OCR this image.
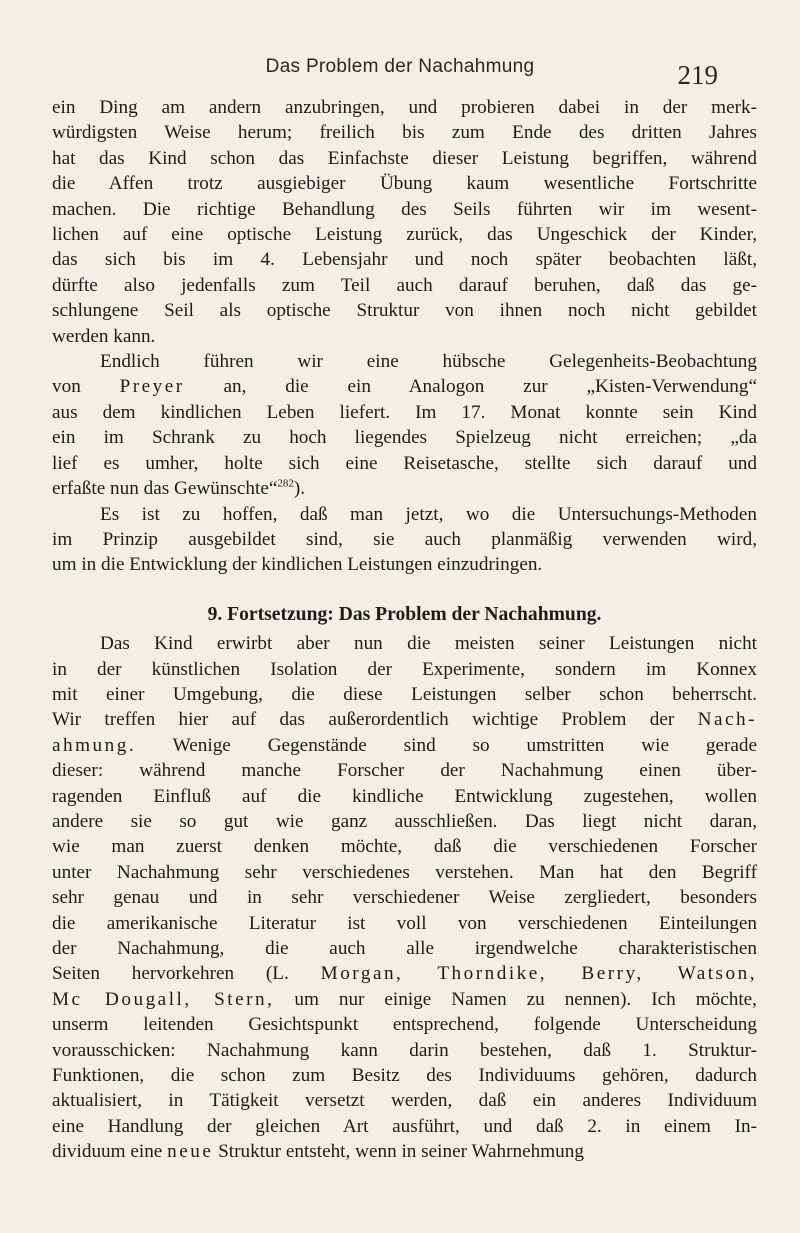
Das Problem der Nachahmung	219

ein Ding am andern anzubringen, und probieren dabei in der merk-

würdigsten Weise herum; freilich bis zum Ende des dritten Jahres

hat das Kind schon das Einfachste dieser Leistung begriffen, während

die Affen trotz ausgiebiger Übung kaum wesentliche Fortschritte

machen. Die richtige Behandlung des Seils führten wir im wesent-

lichen auf eine optische Leistung zurück, das Ungeschick der Kinder,

das sich bis im 4. Lebensjahr und noch später beobachten läßt,

dürfte also jedenfalls zum Teil auch darauf beruhen, daß das ge-

schlungene Seil als optische Struktur von ihnen noch nicht gebildet

werden kann.

Endlich führen wir eine hübsche Gelegenheits-Beobachtung

von Preyer an, die ein Analogon zur „Kisten-Verwendung“

aus dem kindlichen Leben liefert. Im 17. Monat konnte sein Kind

ein im Schrank zu hoch liegendes Spielzeug nicht erreichen; „da

lief es umher, holte sich eine Reisetasche, stellte sich darauf und

erfaßte nun das Gewünschte“$^{282}$).

Es ist zu hoffen, daß man jetzt, wo die Untersuchungs-Methoden

im Prinzip ausgebildet sind, sie auch planmäßig verwenden wird,

um in die Entwicklung der kindlichen Leistungen einzudringen.

9. Fortsetzung: Das Problem der Nachahmung.

Das Kind erwirbt aber nun die meisten seiner Leistungen nicht

in der künstlichen Isolation der Experimente, sondern im Konnex

mit einer Umgebung, die diese Leistungen selber schon beherrscht.

Wir treffen hier auf das außerordentlich wichtige Problem der Nach-

ahmung. Wenige Gegenstände sind so umstritten wie gerade

dieser: während manche Forscher der Nachahmung einen über-

ragenden Einfluß auf die kindliche Entwicklung zugestehen, wollen

andere sie so gut wie ganz ausschließen. Das liegt nicht daran,

wie man zuerst denken möchte, daß die verschiedenen Forscher

unter Nachahmung sehr verschiedenes verstehen. Man hat den Begriff

sehr genau und in sehr verschiedener Weise zergliedert, besonders

die amerikanische Literatur ist voll von verschiedenen Einteilungen

der Nachahmung, die auch alle irgendwelche charakteristischen

Seiten hervorkehren (L. Morgan, Thorndike, Berry, Watson,

Mc Dougall, Stern, um nur einige Namen zu nennen). Ich möchte,

unserm leitenden Gesichtspunkt entsprechend, folgende Unterscheidung

vorausschicken: Nachahmung kann darin bestehen, daß 1. Struktur-

Funktionen, die schon zum Besitz des Individuums gehören, dadurch

aktualisiert, in Tätigkeit versetzt werden, daß ein anderes Individuum

eine Handlung der gleichen Art ausführt, und daß 2. in einem In-

dividuum eine neue Struktur entsteht, wenn in seiner Wahrnehmung
